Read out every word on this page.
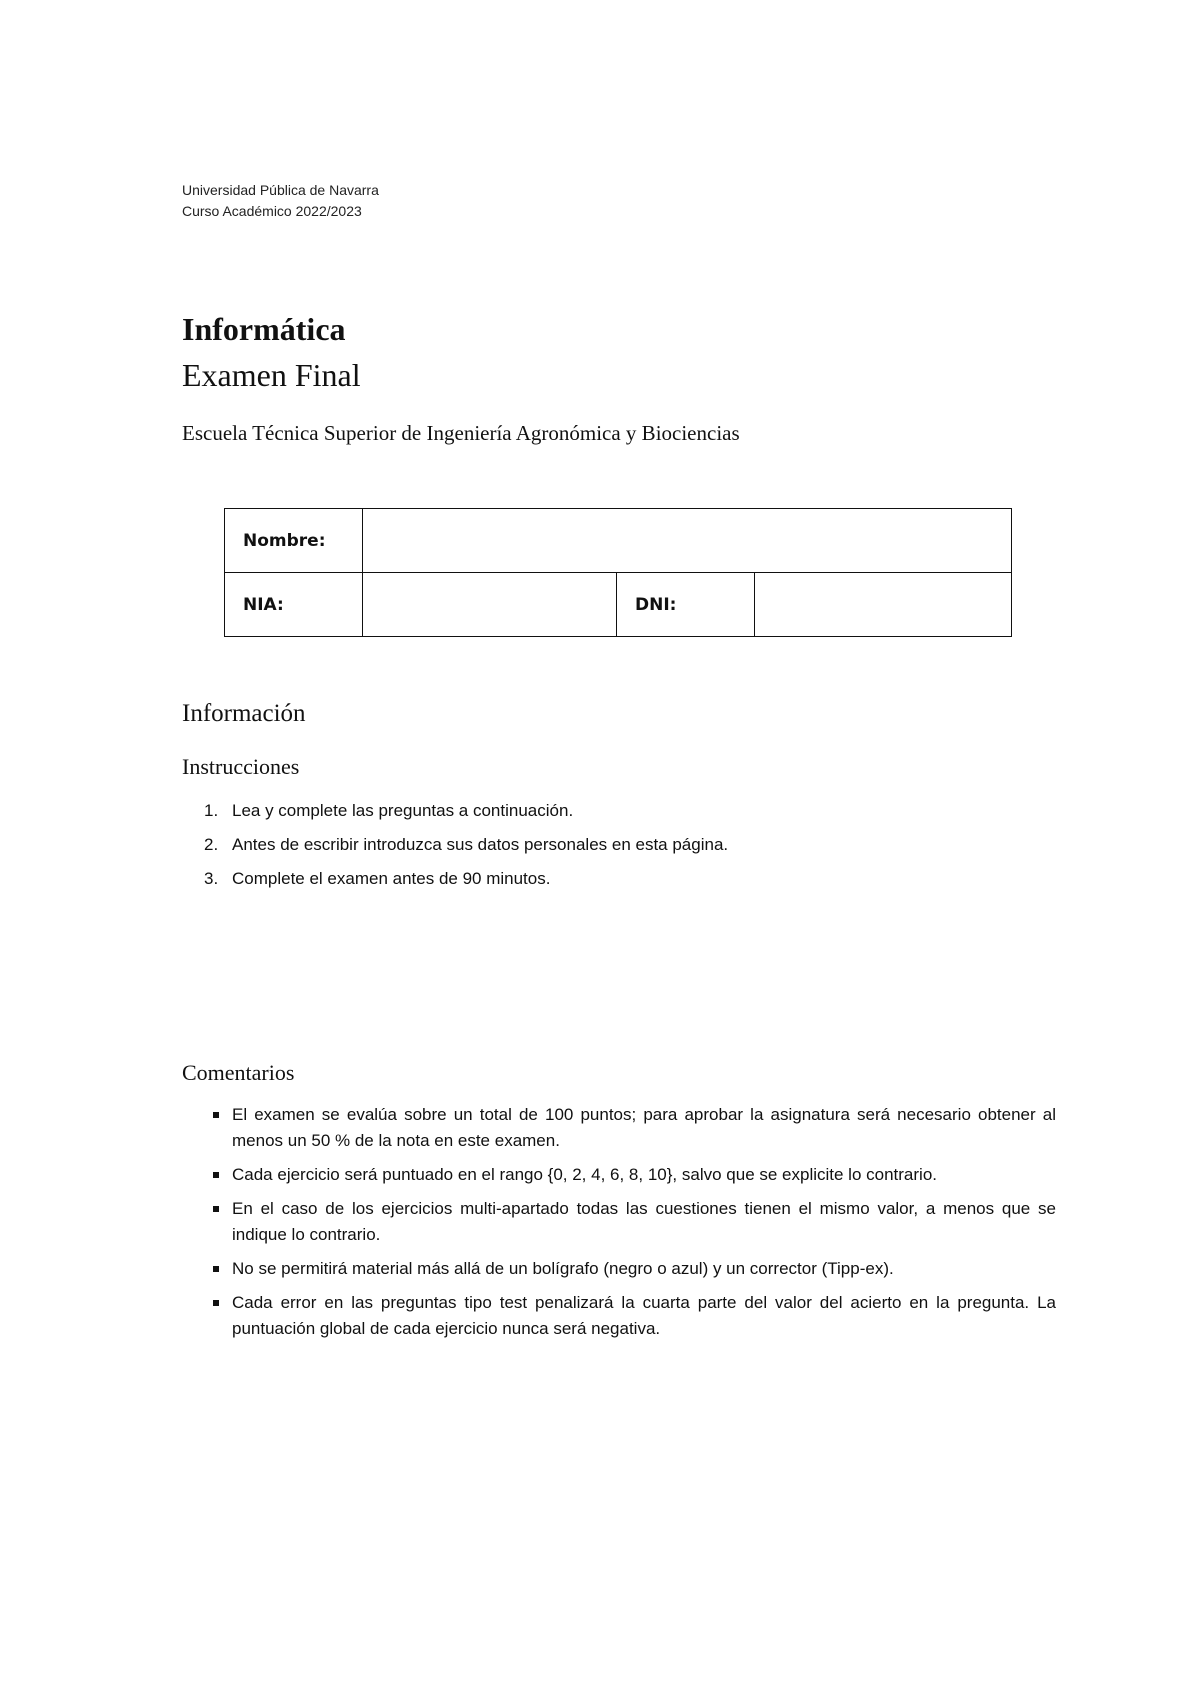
Universidad Pública de Navarra
Curso Académico 2022/2023
Informática
Examen Final

Escuela Técnica Superior de Ingeniería Agronómica y Biociencias

Nombre:			
NIA:		DNI:	
Información
Instrucciones
1. Lea y complete las preguntas a continuación.
2. Antes de escribir introduzca sus datos personales en esta página.
3. Complete el examen antes de 90 minutos.
Comentarios
El examen se evalúa sobre un total de 100 puntos; para aprobar la asignatura será necesario obtener al menos un 50 % de la nota en este examen.
Cada ejercicio será puntuado en el rango {0, 2, 4, 6, 8, 10}, salvo que se explicite lo contrario.
En el caso de los ejercicios multi-apartado todas las cuestiones tienen el mismo valor, a menos que se indique lo contrario.
No se permitirá material más allá de un bolígrafo (negro o azul) y un corrector (Tipp-ex).
Cada error en las preguntas tipo test penalizará la cuarta parte del valor del acierto en la pregunta. La puntuación global de cada ejercicio nunca será negativa.
